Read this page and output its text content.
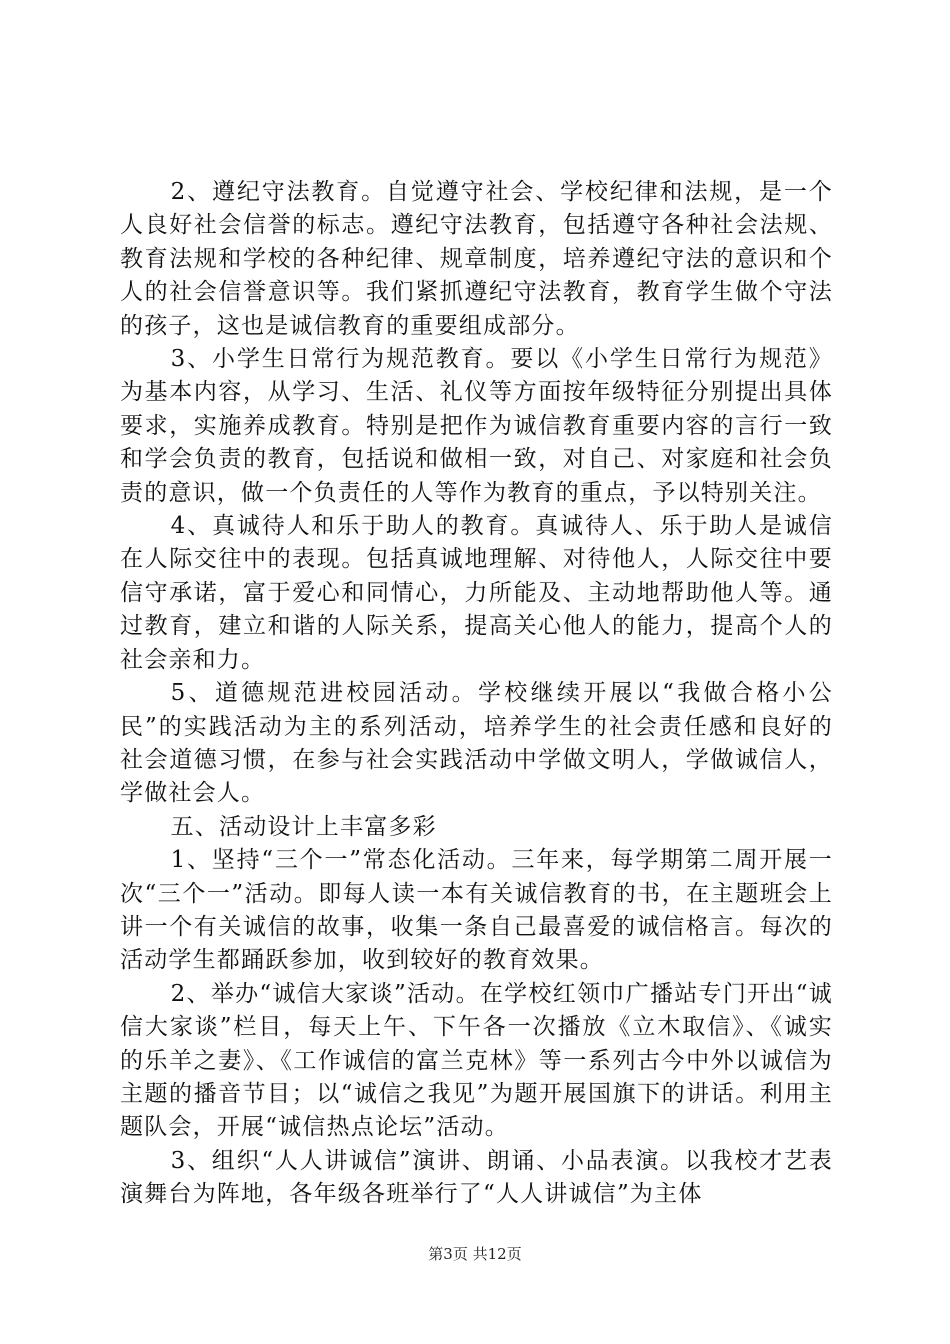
2、遵纪守法教育。自觉遵守社会、学校纪律和法规，是一个人良好社会信誉的标志。遵纪守法教育，包括遵守各种社会法规、教育法规和学校的各种纪律、规章制度，培养遵纪守法的意识和个人的社会信誉意识等。我们紧抓遵纪守法教育，教育学生做个守法的孩子，这也是诚信教育的重要组成部分。

3、小学生日常行为规范教育。要以《小学生日常行为规范》为基本内容，从学习、生活、礼仪等方面按年级特征分别提出具体要求，实施养成教育。特别是把作为诚信教育重要内容的言行一致和学会负责的教育，包括说和做相一致，对自己、对家庭和社会负责的意识，做一个负责任的人等作为教育的重点，予以特别关注。

4、真诚待人和乐于助人的教育。真诚待人、乐于助人是诚信在人际交往中的表现。包括真诚地理解、对待他人，人际交往中要信守承诺，富于爱心和同情心，力所能及、主动地帮助他人等。通过教育，建立和谐的人际关系，提高关心他人的能力，提高个人的社会亲和力。

5、道德规范进校园活动。学校继续开展以“我做合格小公民”的实践活动为主的系列活动，培养学生的社会责任感和良好的社会道德习惯，在参与社会实践活动中学做文明人，学做诚信人，学做社会人。

五、活动设计上丰富多彩

1、坚持“三个一”常态化活动。三年来，每学期第二周开展一次“三个一”活动。即每人读一本有关诚信教育的书，在主题班会上讲一个有关诚信的故事，收集一条自己最喜爱的诚信格言。每次的活动学生都踊跃参加，收到较好的教育效果。

2、举办“诚信大家谈”活动。在学校红领巾广播站专门开出“诚信大家谈”栏目，每天上午、下午各一次播放《立木取信》、《诚实的乐羊之妻》、《工作诚信的富兰克林》等一系列古今中外以诚信为主题的播音节目；以“诚信之我见”为题开展国旗下的讲话。利用主题队会，开展“诚信热点论坛”活动。

3、组织“人人讲诚信”演讲、朗诵、小品表演。以我校才艺表演舞台为阵地，各年级各班举行了“人人讲诚信”为主体

第3页 共12页
